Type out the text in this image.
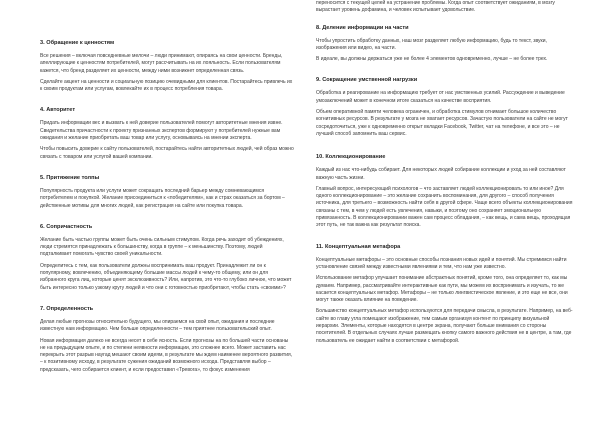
3. Обращение к ценностям

Все решения – включая повседневные мелочи – люди принимают, опираясь на свои ценности. Бренды, апеллирующие к ценностям потребителей, могут рассчитывать на их лояльность. Если пользователям кажется, что бренд разделяет их ценности, между ними возникнет определенная связь.

Сделайте акцент на ценности и социальную позицию очевидными для клиентов. Постарайтесь привлечь их к своим продуктам или услугам, вовлекайте их в процесс потребления товара.

4. Авторитет

Придать информации вес и вызвать к ней доверие пользователей помогут авторитетные мнения извне. Свидетельства причастности к проекту признанных экспертов формируют у потребителей нужные вам ожидания и желание приобретать ваш товар или услугу, основываясь на мнении эксперта.

Чтобы повысить доверие к сайту пользователей, постарайтесь найти авторитетных людей, чей образ можно связать с товаром или услугой вашей компании.

5. Притяжение толпы

Популярность продукта или услуги может сокращать последний барьер между сомневающимся потребителем и покупкой. Желание присоединиться к «победителям», как и страх оказаться за бортом – действенные мотивы для многих людей, как регистрация на сайте или покупка товара.

6. Сопричастность

Желание быть частью группы может быть очень сильным стимулом. Когда речь заходит об убеждениях, люди стремятся принадлежать к большинству, когда в группе – к меньшинству. Поэтому, людей подталкивает помогать чувство своей уникальности.

Определитесь с тем, как пользователи должны воспринимать ваш продукт. Принадлежит ли он к популярному, вовлечению, объединяющему большие массы людей к чему-то общему, или он для избранного круга лиц, которые ценят эксклюзивность? Или, напротив, это что-то глубоко личное, что может быть интересно только узкому кругу людей и что они с готовностью приобретают, чтобы стать «своими»?

7. Определенность

Делая любые прогнозы относительно будущего, мы опираемся на свой опыт, ожидания и последние известную нам информацию. Чем больше определенности – тем приятнее пользовательский опыт.

Новая информация далеко не всегда несет в себе ясность. Если прогнозы на по большей части основаны не на предыдущем опыте, и по степени неявности информации, это сложнее всего. Может заставить нас перекрыть этот разрыв наугад мешают своим идеям, в результате мы ждем наименее вероятного развития, – к позитивному исходу, в результате сужения ожиданий возможного исхода. Представляя выбор – предсказать, чего собирается клиент, и если предоставил «Тревога», то фокус изменения

переносится с текущей целей на устранение проблемы. Когда опыт соответствует ожиданиям, в мозгу вырастает уровень дофамина, и человек испытывает удовольствие.

8. Деление информации на части

Чтобы упростить обработку данных, наш мозг разделяет любую информацию, будь то текст, звуки, изображения или видео, на части.

В идеале, вы должны держаться уже не более 4 элементов одновременно, лучше – не более трех.

9. Сокращение умственной нагрузки

Обработка и реагирование на информацию требует от нас умственных усилий. Рассуждение и выведение умозаключений может в конечном итоге сказаться на качестве восприятия.

Объем оперативной памяти человека ограничен, и обработка стимулов отнимает большое количество когнитивных ресурсов. В результате у мозга не хватает ресурсов. Зачастую пользователи на сайте не могут сосредоточиться, уже к одновременно открыт вкладки Facebook, Twitter, чат на телефоне, и все это – не лучший способ запомнить ваш сервис.

10. Коллекционирование

Каждый из нас что-нибудь собирает. Для некоторых людей собирание коллекции и уход за ней составляют важную часть жизни.

Главный вопрос, интересующий психологов – что заставляет людей коллекционировать то или иное? Для одного коллекционирование – это желание сохранить воспоминания, для другого – способ получения источника, для третьего – возможность найти себя в другой сфере. Чаще всего объекты коллекционирования связаны с тем, в чем у людей есть увлечения, навыки, и поэтому оно сохраняет эмоциональную привязанность. В коллекционировании важен сам процесс обладания, – как вещь, и сама вещь, проходящая этот путь, не так важна как результат поиска.

11. Концептуальная метафора

Концептуальные метафоры – это основные способы познания новых идей и понятий. Мы стремимся найти установление связей между известными явлениями и тем, что нам уже известно.

Использование метафор улучшает понимание абстрактных понятий, кроме того, она определяет то, как мы думаем. Например, рассматривайте интерактивные как пути, мы можем их воспринимать и изучать, то же касается концептуальных метафор. Метафоры – не только лингвистическое явление, и это еще не все, они могут также оказать влияние на поведение.

Большинство концептуальных метафор используются для передачи смысла, в результате. Например, на веб-сайте во главу угла помещают изображение, тем самым организуя контент по принципу визуальной иерархии. Элементы, которые находятся в центре экрана, получают больше внимания со стороны посетителей. В отдельных случаях лучше размещать кнопку самого важного действия не в центре, а там, где пользователь ее ожидает найти в соответствии с метафорой.
